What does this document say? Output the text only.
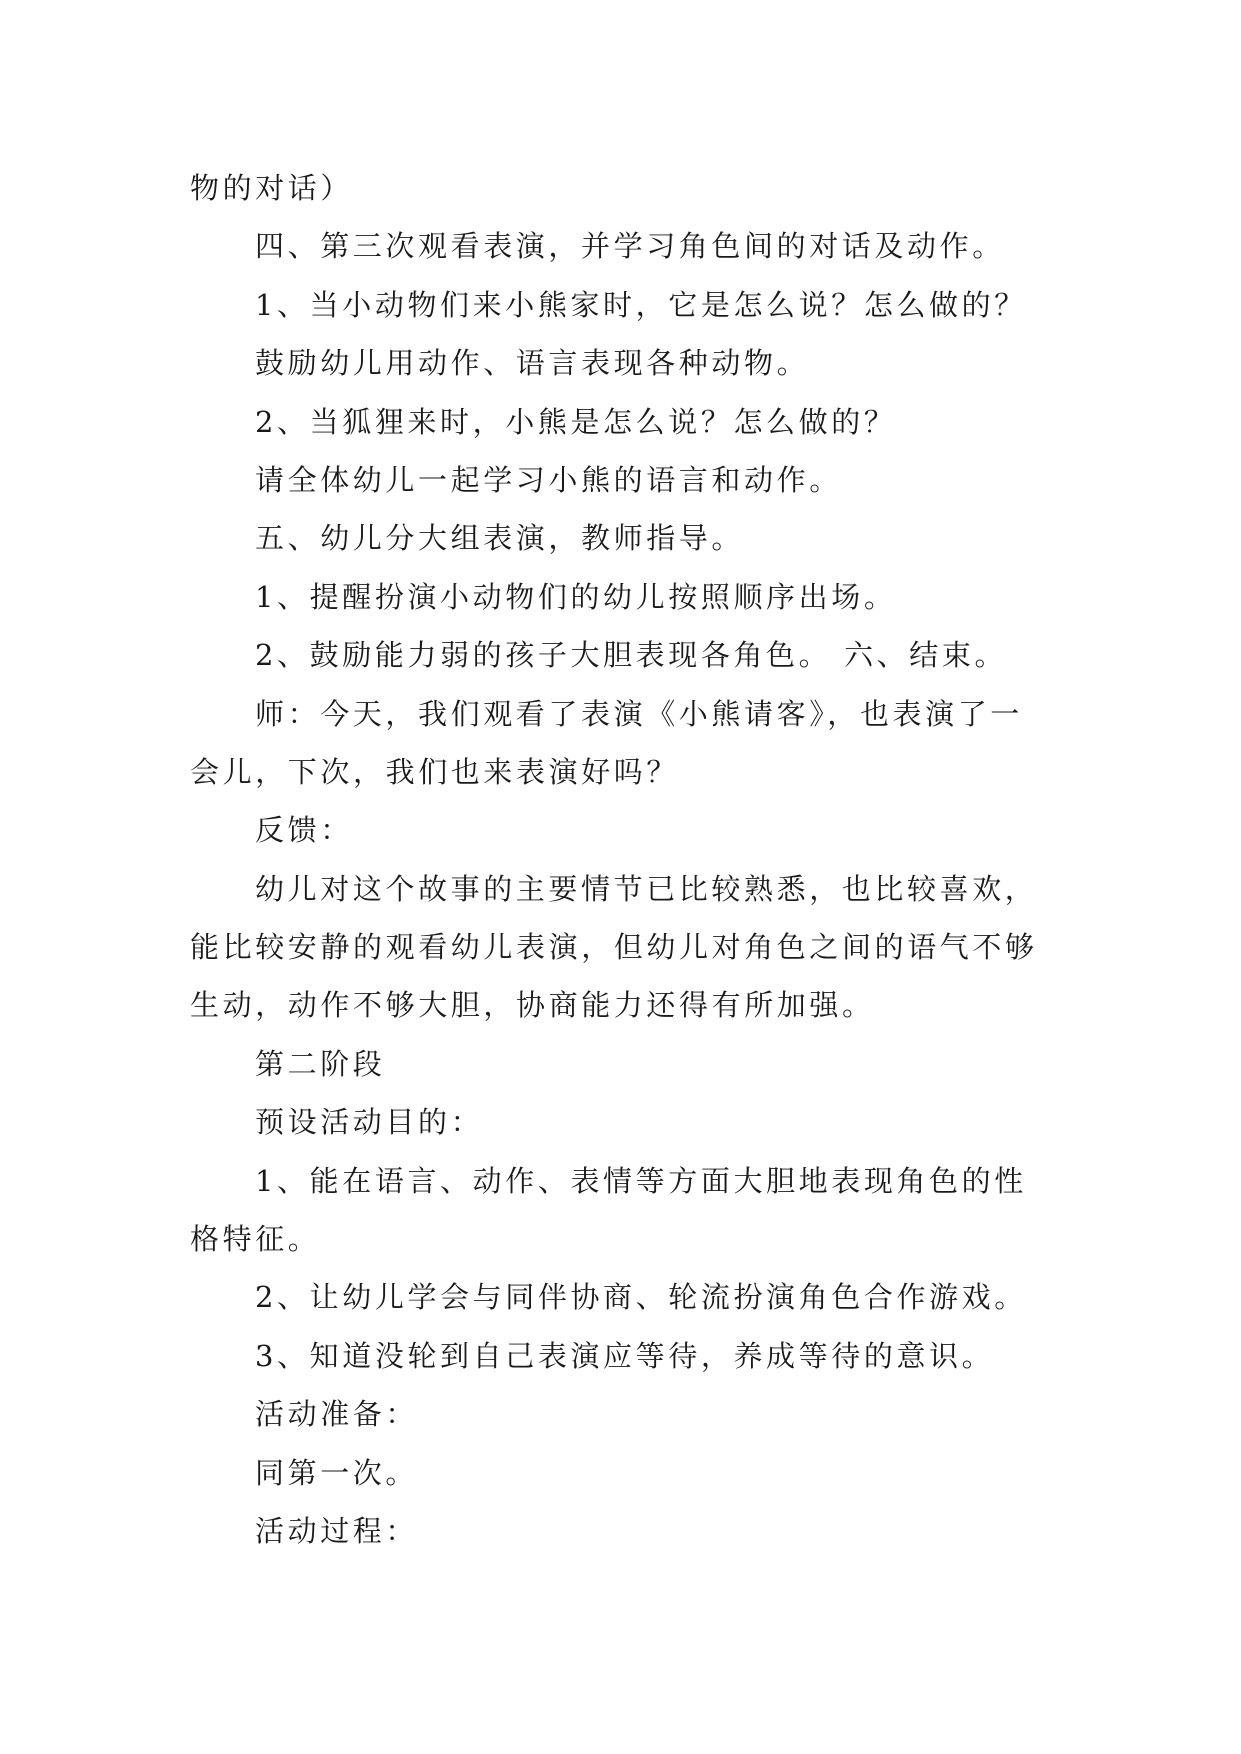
物的对话）
四、第三次观看表演，并学习角色间的对话及动作。
1、当小动物们来小熊家时，它是怎么说？怎么做的？
鼓励幼儿用动作、语言表现各种动物。
2、当狐狸来时，小熊是怎么说？怎么做的？
请全体幼儿一起学习小熊的语言和动作。
五、幼儿分大组表演，教师指导。
1、提醒扮演小动物们的幼儿按照顺序出场。
2、鼓励能力弱的孩子大胆表现各角色。 六、结束。
师：今天，我们观看了表演《小熊请客》，也表演了一
会儿，下次，我们也来表演好吗？
反馈：
幼儿对这个故事的主要情节已比较熟悉，也比较喜欢，
能比较安静的观看幼儿表演，但幼儿对角色之间的语气不够
生动，动作不够大胆，协商能力还得有所加强。
第二阶段
预设活动目的：
1、能在语言、动作、表情等方面大胆地表现角色的性
格特征。
2、让幼儿学会与同伴协商、轮流扮演角色合作游戏。
3、知道没轮到自己表演应等待，养成等待的意识。
活动准备：
同第一次。
活动过程：
